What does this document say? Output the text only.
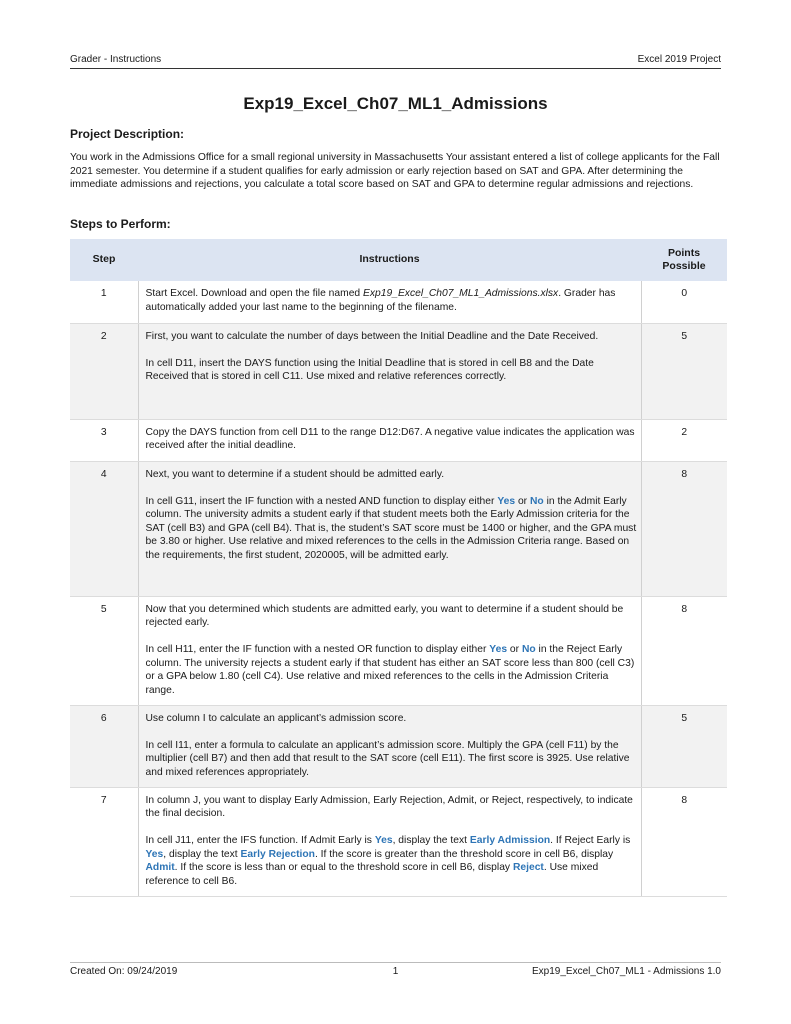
Grader - Instructions	Excel 2019 Project
Exp19_Excel_Ch07_ML1_Admissions
Project Description:
You work in the Admissions Office for a small regional university in Massachusetts Your assistant entered a list of college applicants for the Fall 2021 semester. You determine if a student qualifies for early admission or early rejection based on SAT and GPA. After determining the immediate admissions and rejections, you calculate a total score based on SAT and GPA to determine regular admissions and rejections.
Steps to Perform:
Step	Instructions	Points
Possible
1	Start Excel. Download and open the file named Exp19_Excel_Ch07_ML1_Admissions.xlsx. Grader has automatically added your last name to the beginning of the filename.	0
2	First, you want to calculate the number of days between the Initial Deadline and the Date Received.

In cell D11, insert the DAYS function using the Initial Deadline that is stored in cell B8 and the Date Received that is stored in cell C11. Use mixed and relative references correctly.	5
3	Copy the DAYS function from cell D11 to the range D12:D67. A negative value indicates the application was received after the initial deadline.	2
4	Next, you want to determine if a student should be admitted early.

In cell G11, insert the IF function with a nested AND function to display either Yes or No in the Admit Early column. The university admits a student early if that student meets both the Early Admission criteria for the SAT (cell B3) and GPA (cell B4). That is, the student’s SAT score must be 1400 or higher, and the GPA must be 3.80 or higher. Use relative and mixed references to the cells in the Admission Criteria range. Based on the requirements, the first student, 2020005, will be admitted early.	8
5	Now that you determined which students are admitted early, you want to determine if a student should be rejected early.

In cell H11, enter the IF function with a nested OR function to display either Yes or No in the Reject Early column. The university rejects a student early if that student has either an SAT score less than 800 (cell C3) or a GPA below 1.80 (cell C4). Use relative and mixed references to the cells in the Admission Criteria range.	8
6	Use column I to calculate an applicant’s admission score.

In cell I11, enter a formula to calculate an applicant’s admission score. Multiply the GPA (cell F11) by the multiplier (cell B7) and then add that result to the SAT score (cell E11). The first score is 3925. Use relative and mixed references appropriately.	5
7	In column J, you want to display Early Admission, Early Rejection, Admit, or Reject, respectively, to indicate the final decision.

In cell J11, enter the IFS function. If Admit Early is Yes, display the text Early Admission. If Reject Early is Yes, display the text Early Rejection. If the score is greater than the threshold score in cell B6, display Admit. If the score is less than or equal to the threshold score in cell B6, display Reject. Use mixed reference to cell B6.	8
Created On: 09/24/2019	1	Exp19_Excel_Ch07_ML1 - Admissions 1.0
